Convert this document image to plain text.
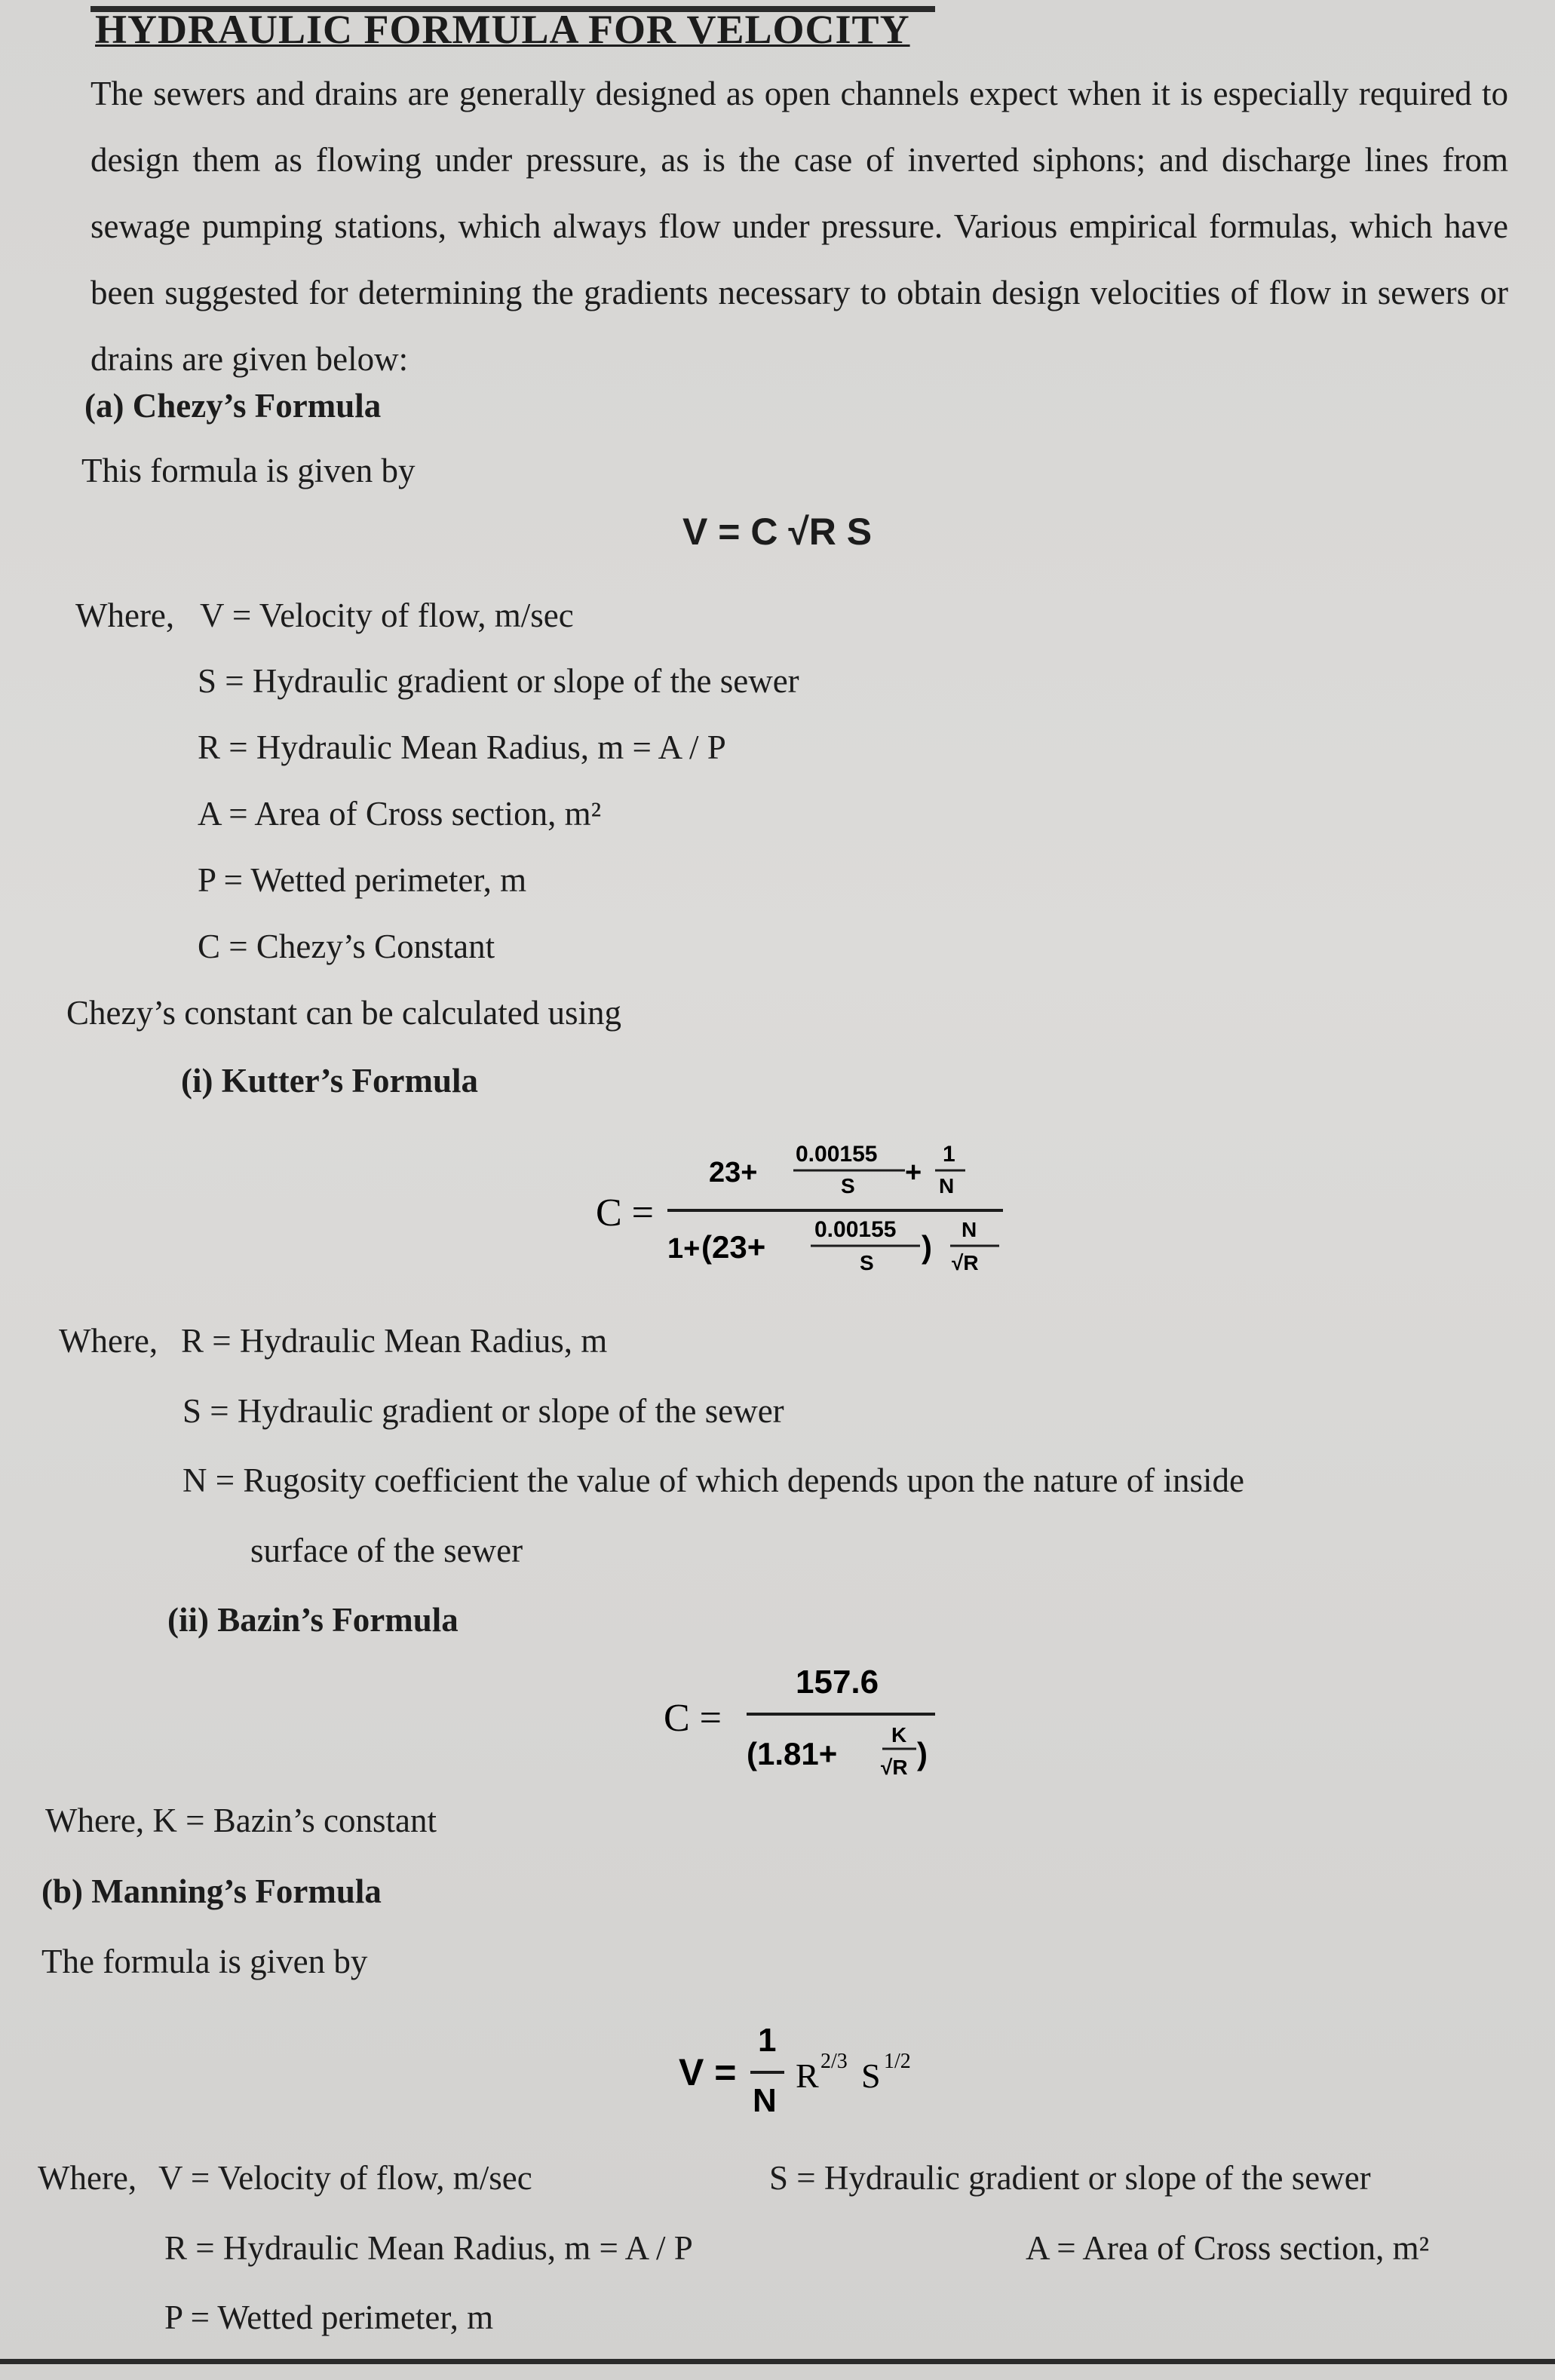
HYDRAULIC FORMULA FOR VELOCITY
The sewers and drains are generally designed as open channels expect when it is especially required to design them as flowing under pressure, as is the case of inverted siphons; and discharge lines from sewage pumping stations, which always flow under pressure. Various empirical formulas, which have been suggested for determining the gradients necessary to obtain design velocities of flow in sewers or drains are given below:
(a) Chezy’s Formula
This formula is given by
V = C √R S
Where, V = Velocity of flow, m/sec
S = Hydraulic gradient or slope of the sewer
R = Hydraulic Mean Radius, m = A / P
A = Area of Cross section, m²
P = Wetted perimeter, m
C = Chezy’s Constant
Chezy’s constant can be calculated using
(i) Kutter’s Formula
C =
23+
0.00155
S +
1
N
1+ (23+ 0.00155
S ) N
√R
Where, R = Hydraulic Mean Radius, m
S = Hydraulic gradient or slope of the sewer
N = Rugosity coefficient the value of which depends upon the nature of inside
surface of the sewer
(ii) Bazin’s Formula
C =
157.6
(1.81+
K
√R )
Where, K = Bazin’s constant
(b) Manning’s Formula
The formula is given by
V =
1
N
R 2/3 S 1/2
Where, V = Velocity of flow, m/sec	S = Hydraulic gradient or slope of the sewer
R = Hydraulic Mean Radius, m = A / P	A = Area of Cross section, m²
P = Wetted perimeter, m
